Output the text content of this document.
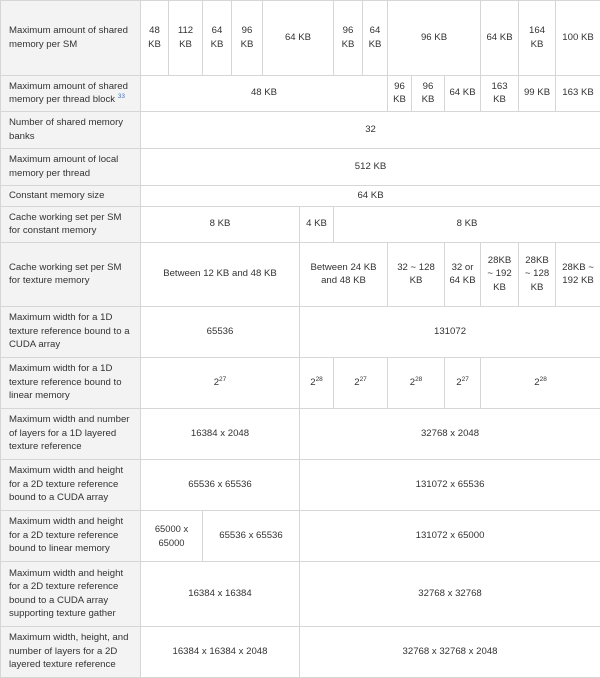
Maximum amount of shared memory per SM	48 KB	112 KB	64 KB	96 KB	64 KB		96 KB	64 KB	96 KB			64 KB	164 KB	100 KB	
Maximum amount of shared memory per thread block $^{33}$	48 KB								96 KB	96 KB	64 KB	163 KB	99 KB	163 KB	
Number of shared memory banks	32														
Maximum amount of local memory per thread	512 KB														
Constant memory size	64 KB														
Cache working set per SM for constant memory	8 KB					4 KB	8 KB								
Cache working set per SM for texture memory	Between 12 KB and 48 KB					Between 24 KB and 48 KB			32 ~ 128 KB		32 or 64 KB	28KB ~ 192 KB	28KB ~ 128 KB	28KB ~ 192 KB	
Maximum width for a 1D texture reference bound to a CUDA array	65536					131072									
Maximum width for a 1D texture reference bound to linear memory	$2^{27}$					$2^{28}$	$2^{27}$		$2^{28}$		$2^{27}$	$2^{28}$
Maximum width and number of layers for a 1D layered texture reference	16384 x 2048					32768 x 2048									
Maximum width and height for a 2D texture reference bound to a CUDA array	65536 x 65536					131072 x 65536									
Maximum width and height for a 2D texture reference bound to linear memory	65000 x 65000		65536 x 65536			131072 x 65000									
Maximum width and height for a 2D texture reference bound to a CUDA array supporting texture gather	16384 x 16384					32768 x 32768									
Maximum width, height, and number of layers for a 2D layered texture reference	16384 x 16384 x 2048					32768 x 32768 x 2048									
